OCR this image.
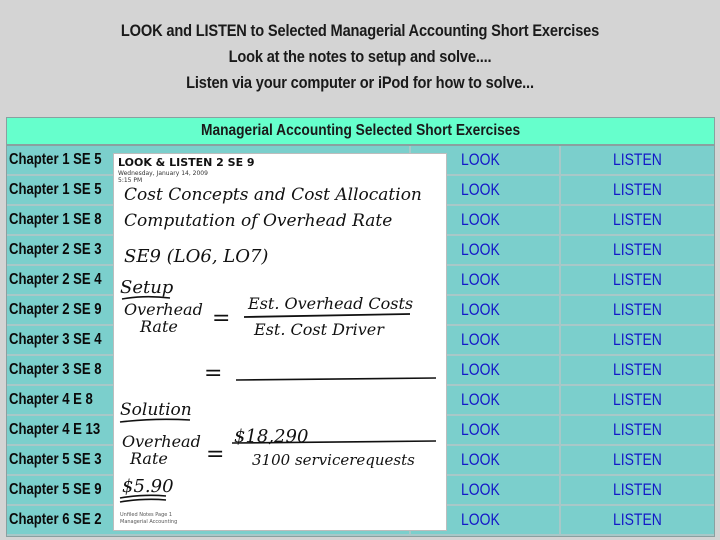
LOOK and LISTEN to Selected Managerial Accounting Short Exercises
Look at the notes to setup and solve....
Listen via your computer or iPod for how to solve...
Managerial Accounting Selected Short Exercises
Chapter 1 SE 5	LOOK	LISTEN
Chapter 1 SE 5	LOOK	LISTEN
Chapter 1 SE 8	LOOK	LISTEN
Chapter 2 SE 3	LOOK	LISTEN
Chapter 2 SE 4	LOOK	LISTEN
Chapter 2 SE 9	LOOK	LISTEN
Chapter 3 SE 4	LOOK	LISTEN
Chapter 3 SE 8	LOOK	LISTEN
Chapter 4 E 8	LOOK	LISTEN
Chapter 4 E 13	LOOK	LISTEN
Chapter 5 SE 3	LOOK	LISTEN
Chapter 5 SE 9	LOOK	LISTEN
Chapter 6 SE 2	LOOK	LISTEN
LOOK & LISTEN 2 SE 9
Wednesday, January 14, 2009
5:15 PM
Cost Concepts and Cost Allocation
Computation of Overhead Rate
SE9 (LO6, LO7)
Setup
Overhead
Rate =
Est. Overhead Costs
Est. Cost Driver
=
Solution
Overhead
Rate =
$18,290
3100 servicerequests
$5.90
Unfiled Notes Page 1
Managerial Accounting
